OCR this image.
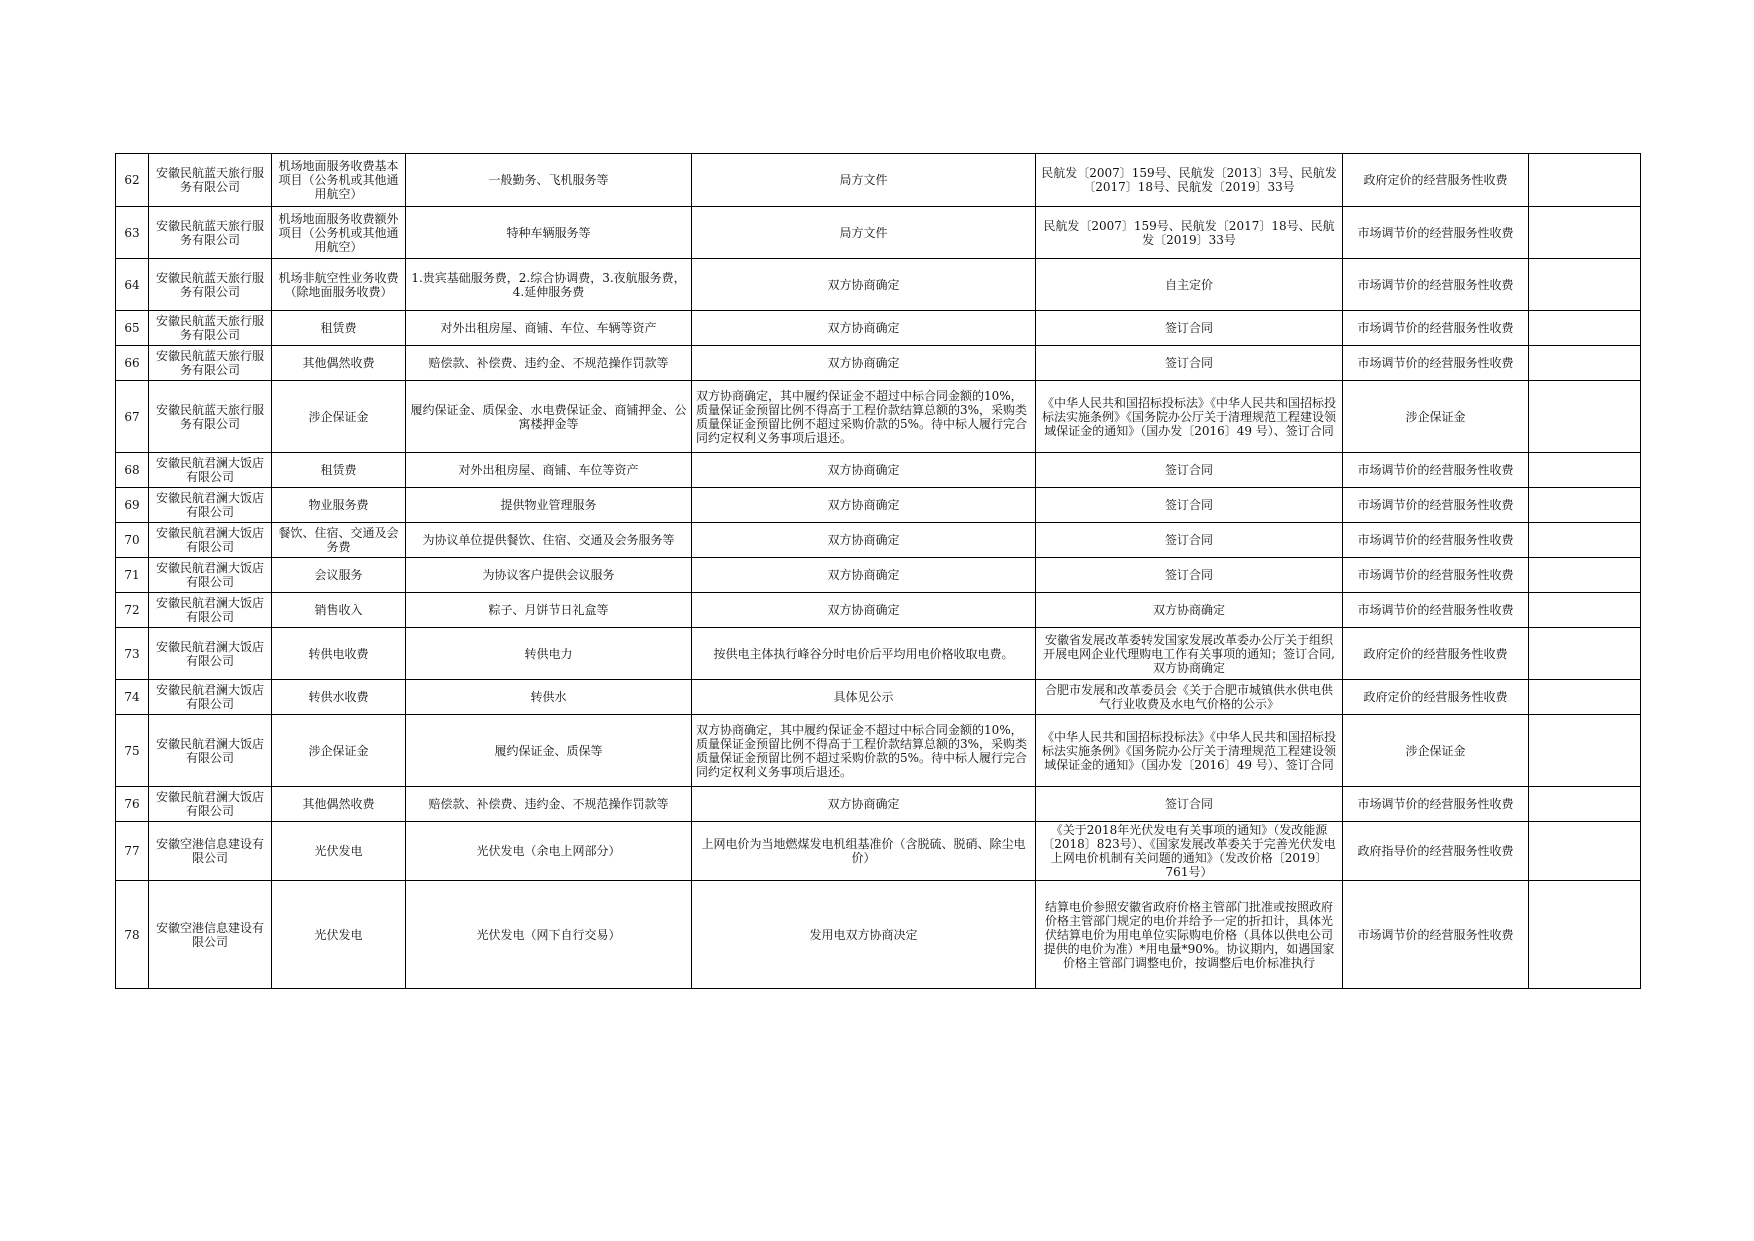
62	安徽民航蓝天旅行服务有限公司	机场地面服务收费基本项目（公务机或其他通用航空）	一般勤务、飞机服务等	局方文件	民航发〔2007〕159号、民航发〔2013〕3号、民航发〔2017〕18号、民航发〔2019〕33号	政府定价的经营服务性收费	
63	安徽民航蓝天旅行服务有限公司	机场地面服务收费额外项目（公务机或其他通用航空）	特种车辆服务等	局方文件	民航发〔2007〕159号、民航发〔2017〕18号、民航发〔2019〕33号	市场调节价的经营服务性收费	
64	安徽民航蓝天旅行服务有限公司	机场非航空性业务收费（除地面服务收费）	1.贵宾基础服务费，2.综合协调费，3.夜航服务费，4.延伸服务费	双方协商确定	自主定价	市场调节价的经营服务性收费	
65	安徽民航蓝天旅行服务有限公司	租赁费	对外出租房屋、商铺、车位、车辆等资产	双方协商确定	签订合同	市场调节价的经营服务性收费	
66	安徽民航蓝天旅行服务有限公司	其他偶然收费	赔偿款、补偿费、违约金、不规范操作罚款等	双方协商确定	签订合同	市场调节价的经营服务性收费	
67	安徽民航蓝天旅行服务有限公司	涉企保证金	履约保证金、质保金、水电费保证金、商铺押金、公寓楼押金等	双方协商确定，其中履约保证金不超过中标合同金额的10%，质量保证金预留比例不得高于工程价款结算总额的3%，采购类质量保证金预留比例不超过采购价款的5%。待中标人履行完合同约定权利义务事项后退还。	《中华人民共和国招标投标法》《中华人民共和国招标投标法实施条例》《国务院办公厅关于清理规范工程建设领域保证金的通知》（国办发〔2016〕49 号）、签订合同	涉企保证金	
68	安徽民航君澜大饭店有限公司	租赁费	对外出租房屋、商铺、车位等资产	双方协商确定	签订合同	市场调节价的经营服务性收费	
69	安徽民航君澜大饭店有限公司	物业服务费	提供物业管理服务	双方协商确定	签订合同	市场调节价的经营服务性收费	
70	安徽民航君澜大饭店有限公司	餐饮、住宿、交通及会务费	为协议单位提供餐饮、住宿、交通及会务服务等	双方协商确定	签订合同	市场调节价的经营服务性收费	
71	安徽民航君澜大饭店有限公司	会议服务	为协议客户提供会议服务	双方协商确定	签订合同	市场调节价的经营服务性收费	
72	安徽民航君澜大饭店有限公司	销售收入	粽子、月饼节日礼盒等	双方协商确定	双方协商确定	市场调节价的经营服务性收费	
73	安徽民航君澜大饭店有限公司	转供电收费	转供电力	按供电主体执行峰谷分时电价后平均用电价格收取电费。	安徽省发展改革委转发国家发展改革委办公厅关于组织开展电网企业代理购电工作有关事项的通知；签订合同,双方协商确定	政府定价的经营服务性收费	
74	安徽民航君澜大饭店有限公司	转供水收费	转供水	具体见公示	合肥市发展和改革委员会《关于合肥市城镇供水供电供气行业收费及水电气价格的公示》	政府定价的经营服务性收费	
75	安徽民航君澜大饭店有限公司	涉企保证金	履约保证金、质保等	双方协商确定，其中履约保证金不超过中标合同金额的10%，质量保证金预留比例不得高于工程价款结算总额的3%，采购类质量保证金预留比例不超过采购价款的5%。待中标人履行完合同约定权利义务事项后退还。	《中华人民共和国招标投标法》《中华人民共和国招标投标法实施条例》《国务院办公厅关于清理规范工程建设领域保证金的通知》（国办发〔2016〕49 号）、签订合同	涉企保证金	
76	安徽民航君澜大饭店有限公司	其他偶然收费	赔偿款、补偿费、违约金、不规范操作罚款等	双方协商确定	签订合同	市场调节价的经营服务性收费	
77	安徽空港信息建设有限公司	光伏发电	光伏发电（余电上网部分）	上网电价为当地燃煤发电机组基准价（含脱硫、脱硝、除尘电价）	《关于2018年光伏发电有关事项的通知》（发改能源〔2018〕823号）、《国家发展改革委关于完善光伏发电上网电价机制有关问题的通知》（发改价格〔2019〕761号）	政府指导价的经营服务性收费	
78	安徽空港信息建设有限公司	光伏发电	光伏发电（网下自行交易）	发用电双方协商决定	结算电价参照安徽省政府价格主管部门批准或按照政府价格主管部门规定的电价并给予一定的折扣计，具体光伏结算电价为用电单位实际购电价格（具体以供电公司提供的电价为准）*用电量*90%。协议期内，如遇国家价格主管部门调整电价，按调整后电价标准执行	市场调节价的经营服务性收费	
